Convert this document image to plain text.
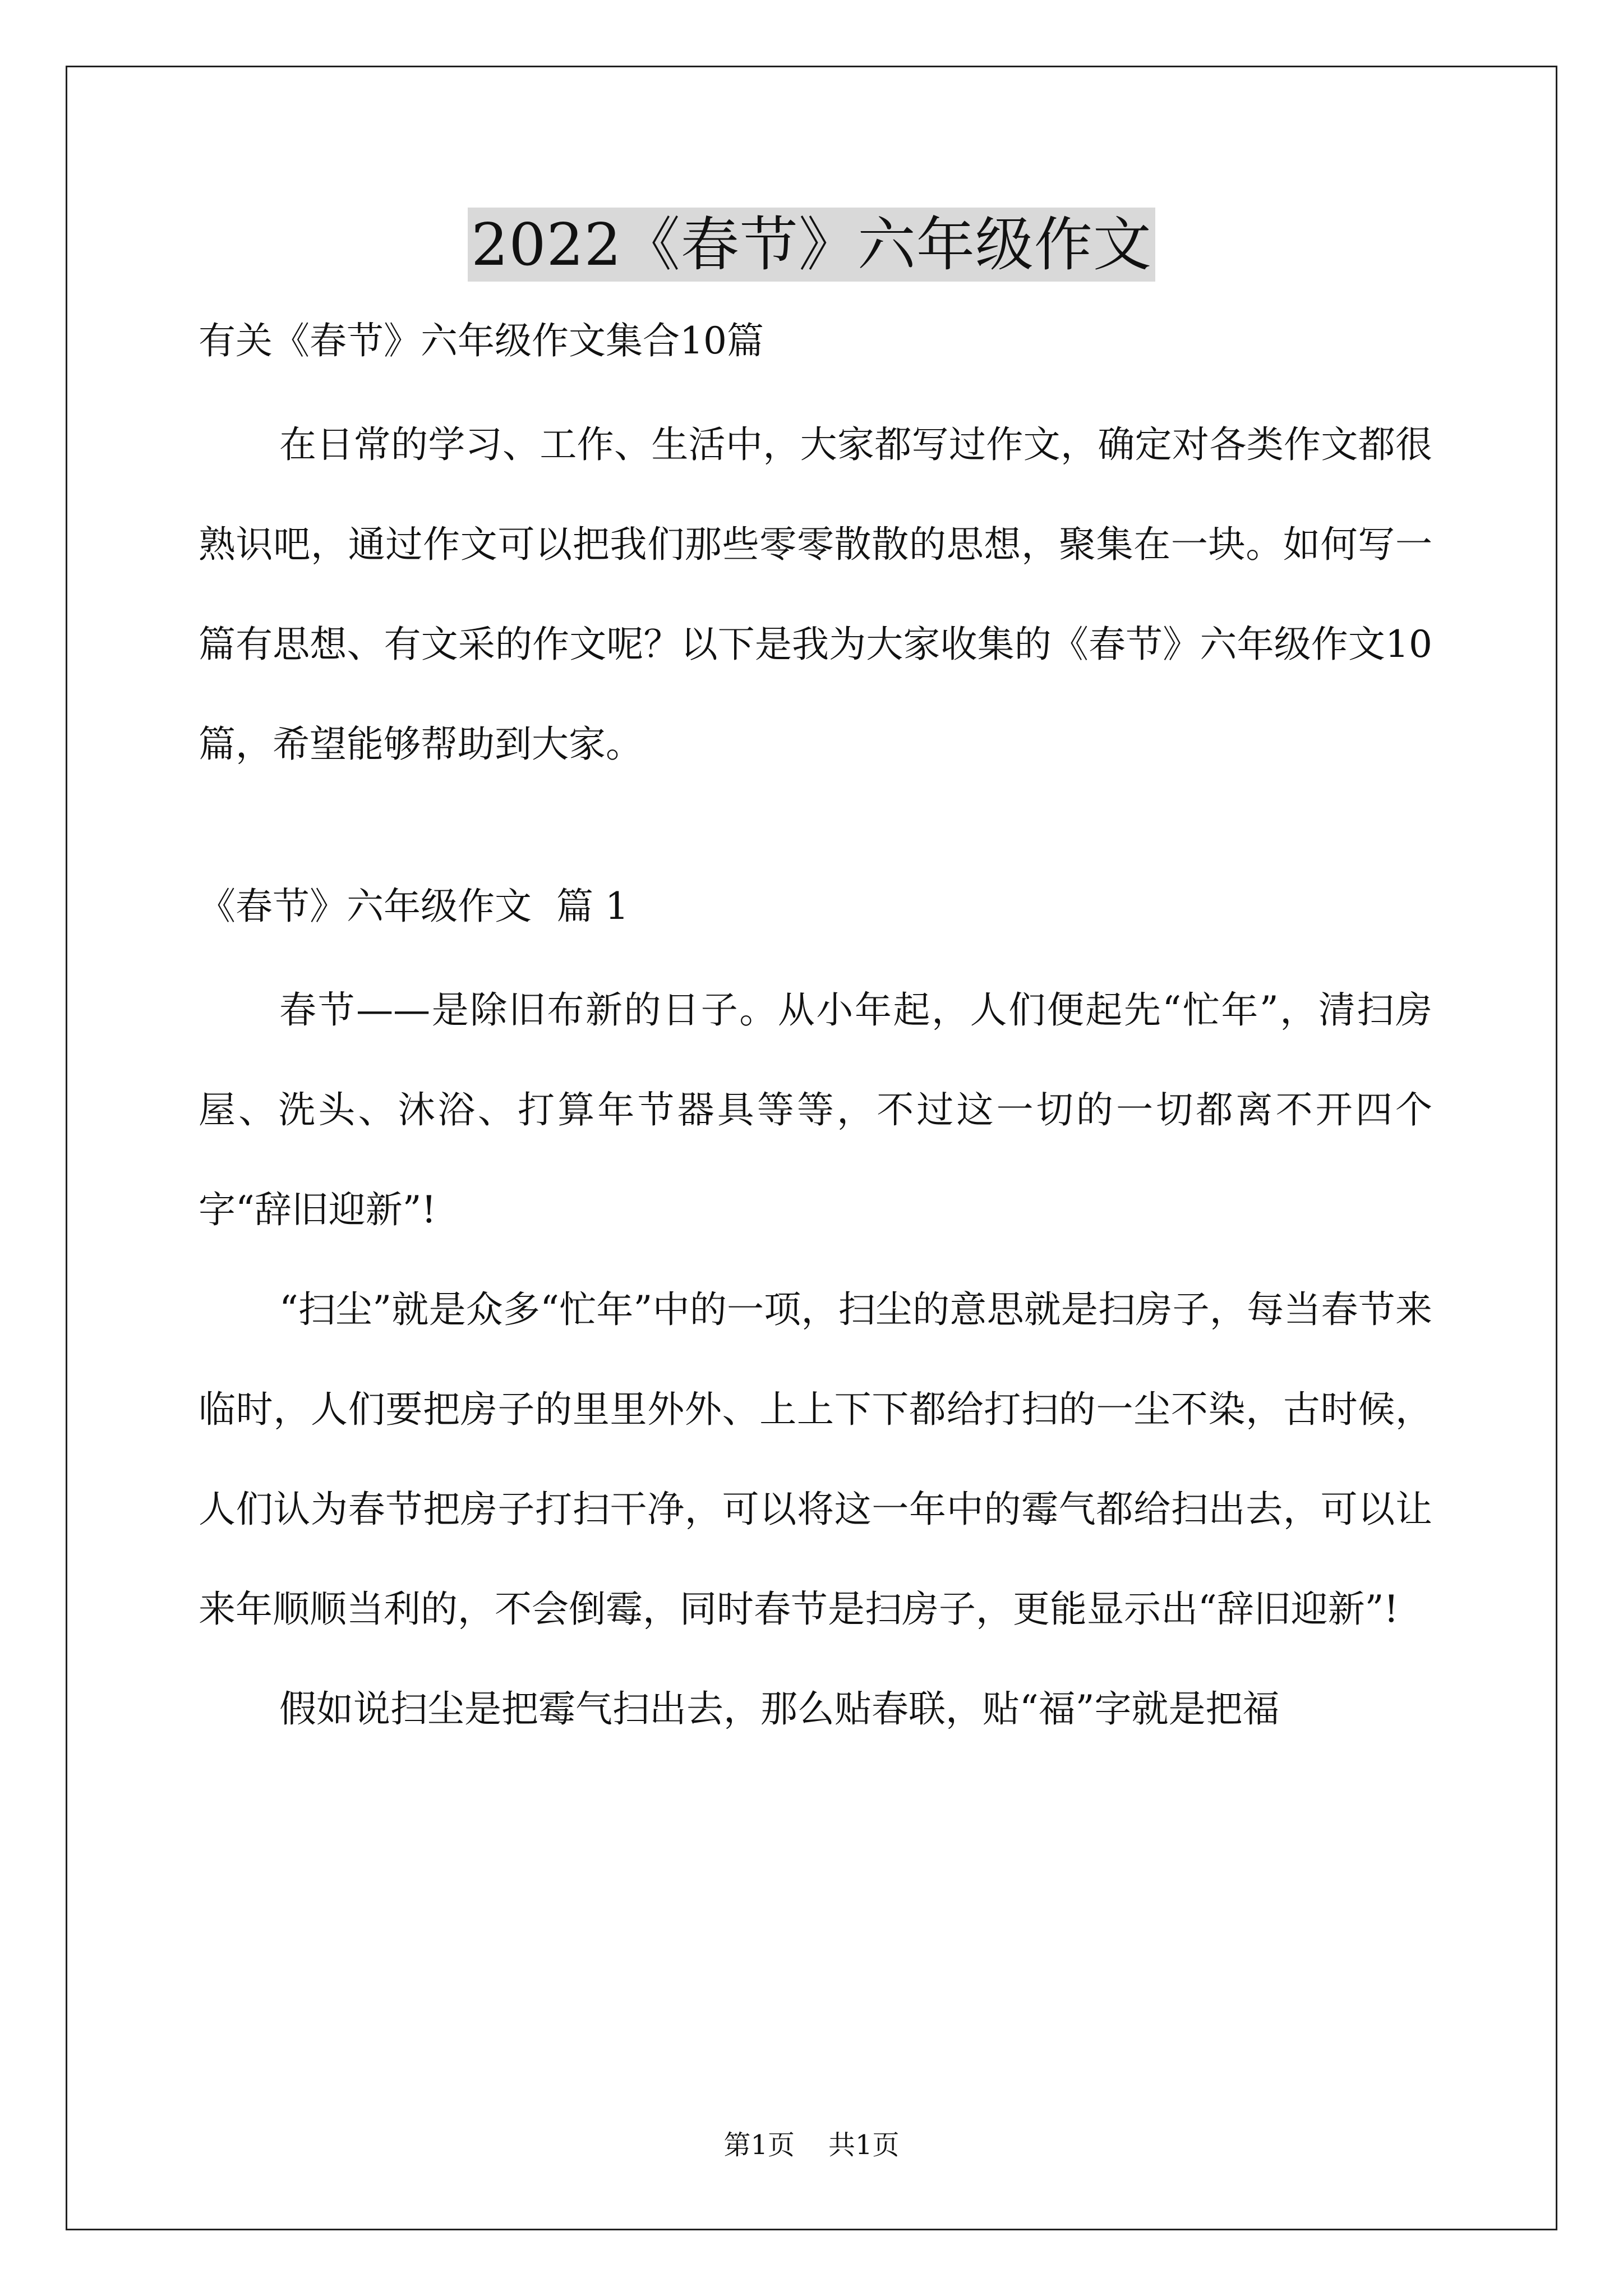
2022《春节》六年级作文
有关《春节》六年级作文集合10篇

在日常的学习、工作、生活中，大家都写过作文，确定对各类作文都很熟识吧，通过作文可以把我们那些零零散散的思想，聚集在一块。如何写一篇有思想、有文采的作文呢？以下是我为大家收集的《春节》六年级作文10篇，希望能够帮助到大家。

《春节》六年级作文 篇 1

春节——是除旧布新的日子。从小年起，人们便起先“忙年”，清扫房屋、洗头、沐浴、打算年节器具等等，不过这一切的一切都离不开四个字“辞旧迎新”!

“扫尘”就是众多“忙年”中的一项，扫尘的意思就是扫房子，每当春节来临时，人们要把房子的里里外外、上上下下都给打扫的一尘不染，古时候，人们认为春节把房子打扫干净，可以将这一年中的霉气都给扫出去，可以让来年顺顺当利的，不会倒霉，同时春节是扫房子，更能显示出“辞旧迎新”!

假如说扫尘是把霉气扫出去，那么贴春联，贴“福”字就是把福

第1页 共1页
